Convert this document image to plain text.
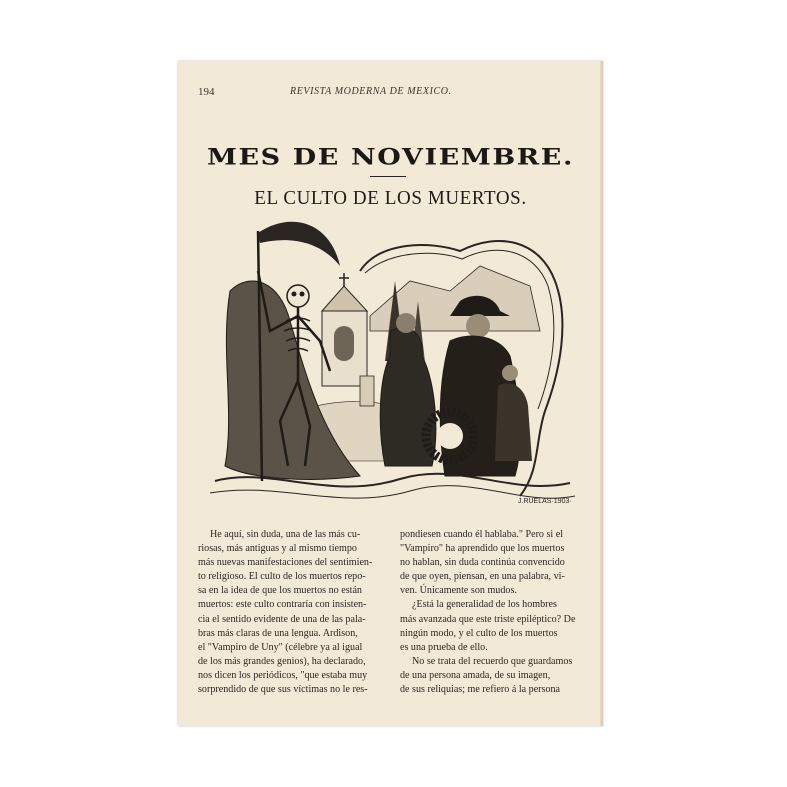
194	REVISTA MODERNA DE MEXICO.
MES DE NOVIEMBRE.
EL CULTO DE LOS MUERTOS.
J.RUELAS·1903·

He aquí, sin duda, una de las más cu-

riosas, más antiguas y al mismo tiempo

más nuevas manifestaciones del sentimien-

to religioso. El culto de los muertos repo-

sa en la idea de que los muertos no están

muertos: este culto contraría con insisten-

cia el sentido evidente de una de las pala-

bras más claras de una lengua. Ardison,

el "Vampiro de Uny" (célebre ya al igual

de los más grandes genios), ha declarado,

nos dicen los periódicos, "que estaba muy

sorprendido de que sus víctimas no le res-

pondiesen cuando él hablaba." Pero si el

"Vampiro" ha aprendido que los muertos

no hablan, sin duda continúa convencido

de que oyen, piensan, en una palabra, vi-

ven. Únicamente son mudos.

¿Está la generalidad de los hombres

más avanzada que este triste epiléptico? De

ningún modo, y el culto de los muertos

es una prueba de ello.

No se trata del recuerdo que guardamos

de una persona amada, de su imagen,

de sus reliquias; me refiero á la persona
